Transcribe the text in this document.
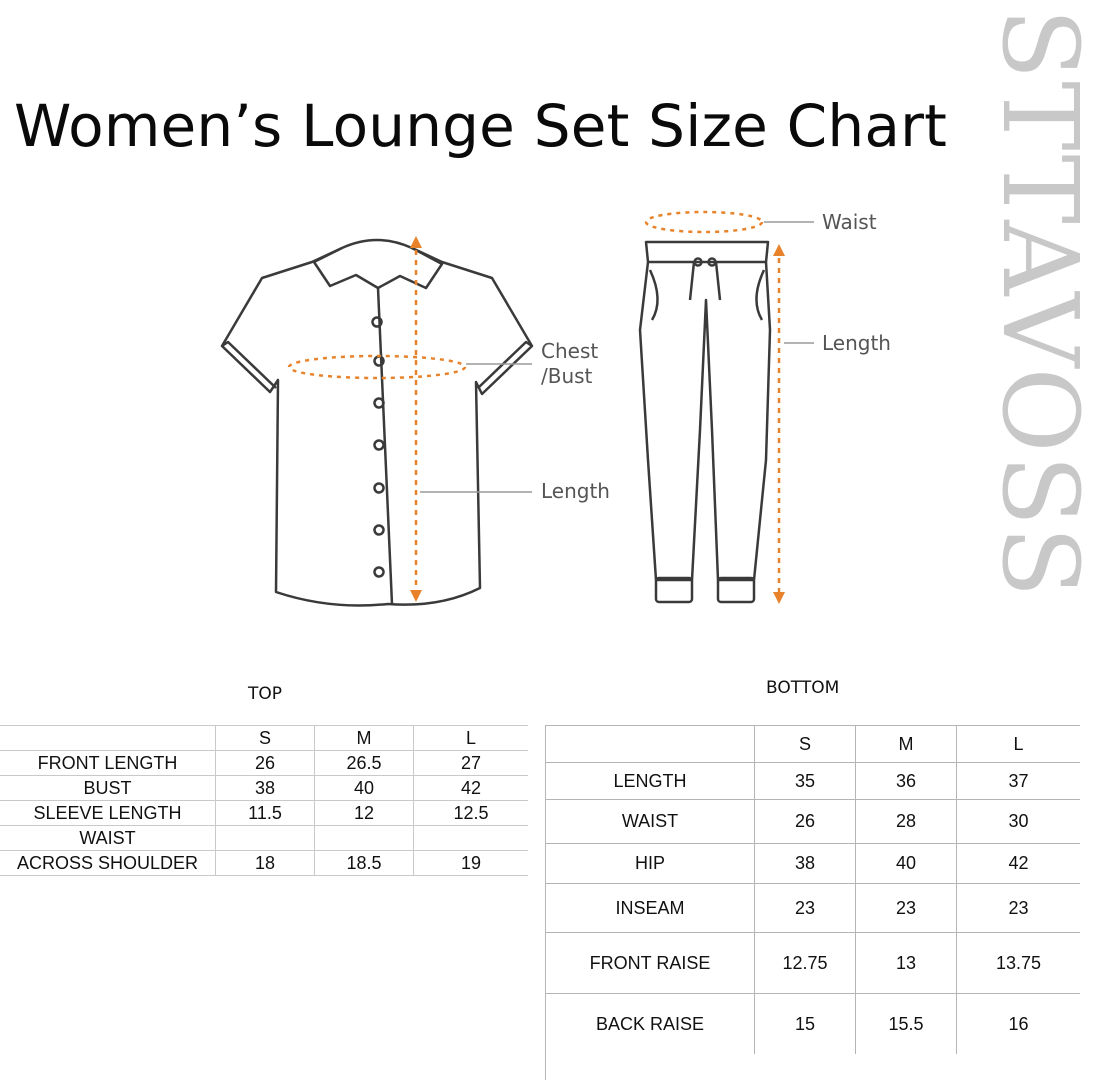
Women’s Lounge Set Size Chart STTAVOSS
Chest
/Bust
Length
Waist
Length
TOP	BOTTOM
	S	M	L
FRONT LENGTH	26	26.5	27
BUST	38	40	42
SLEEVE LENGTH	11.5	12	12.5
WAIST			
ACROSS SHOULDER	18	18.5	19
	S	M	L
LENGTH	35	36	37
WAIST	26	28	30
HIP	38	40	42
INSEAM	23	23	23
FRONT RAISE	12.75	13	13.75
BACK RAISE	15	15.5	16
